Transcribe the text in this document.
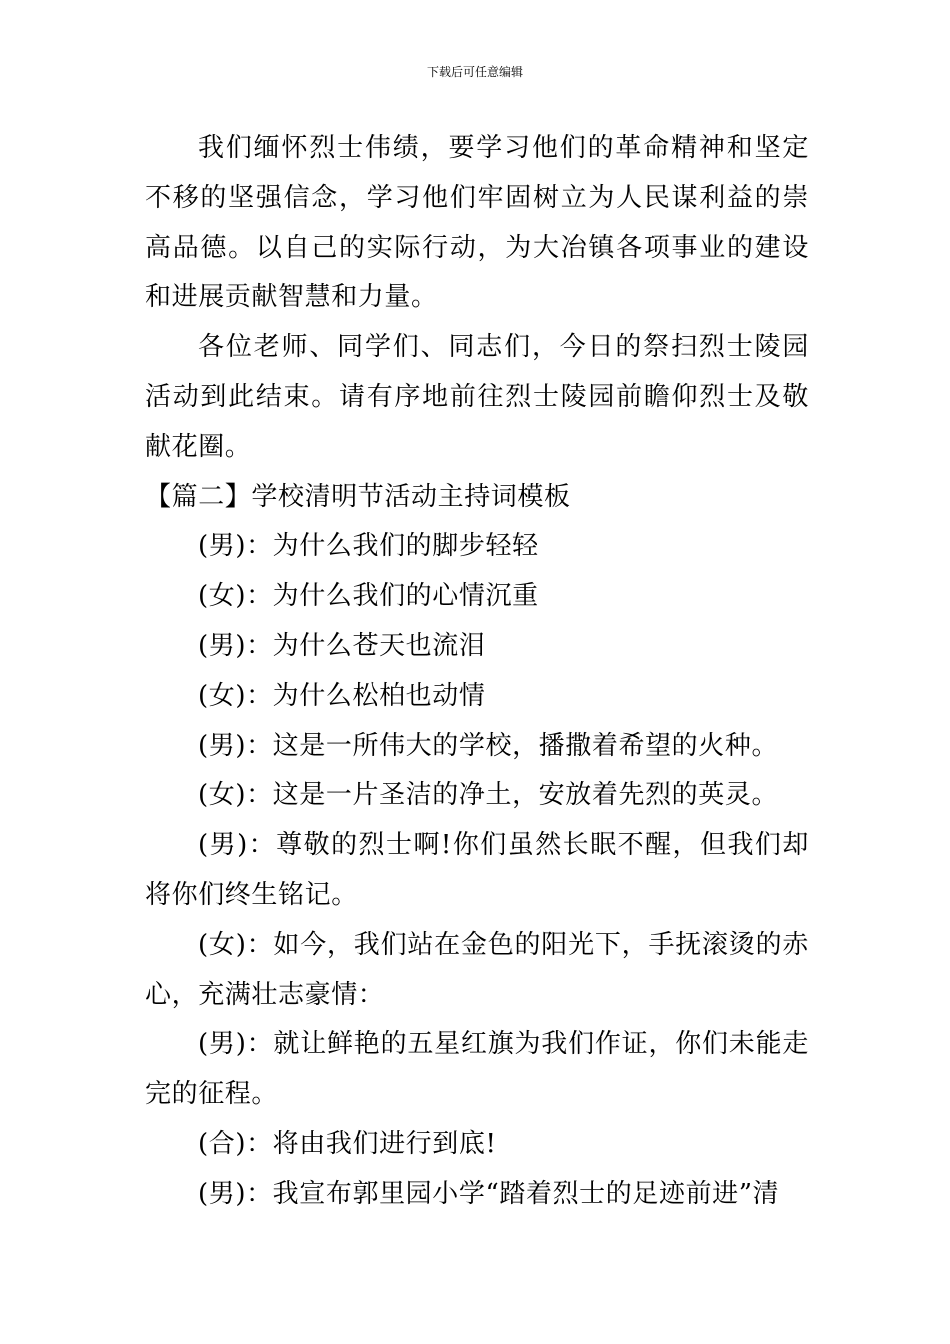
下载后可任意编辑

我们缅怀烈士伟绩，要学习他们的革命精神和坚定不移的坚强信念，学习他们牢固树立为人民谋利益的崇高品德。以自己的实际行动，为大冶镇各项事业的建设和进展贡献智慧和力量。

各位老师、同学们、同志们，今日的祭扫烈士陵园活动到此结束。请有序地前往烈士陵园前瞻仰烈士及敬献花圈。

【篇二】学校清明节活动主持词模板

(男)：为什么我们的脚步轻轻

(女)：为什么我们的心情沉重

(男)：为什么苍天也流泪

(女)：为什么松柏也动情

(男)：这是一所伟大的学校，播撒着希望的火种。

(女)：这是一片圣洁的净土，安放着先烈的英灵。

(男)：尊敬的烈士啊!你们虽然长眠不醒，但我们却将你们终生铭记。

(女)：如今，我们站在金色的阳光下，手抚滚烫的赤心，充满壮志豪情：

(男)：就让鲜艳的五星红旗为我们作证，你们未能走完的征程。

(合)：将由我们进行到底!

(男)：我宣布郭里园小学“踏着烈士的足迹前进”清
